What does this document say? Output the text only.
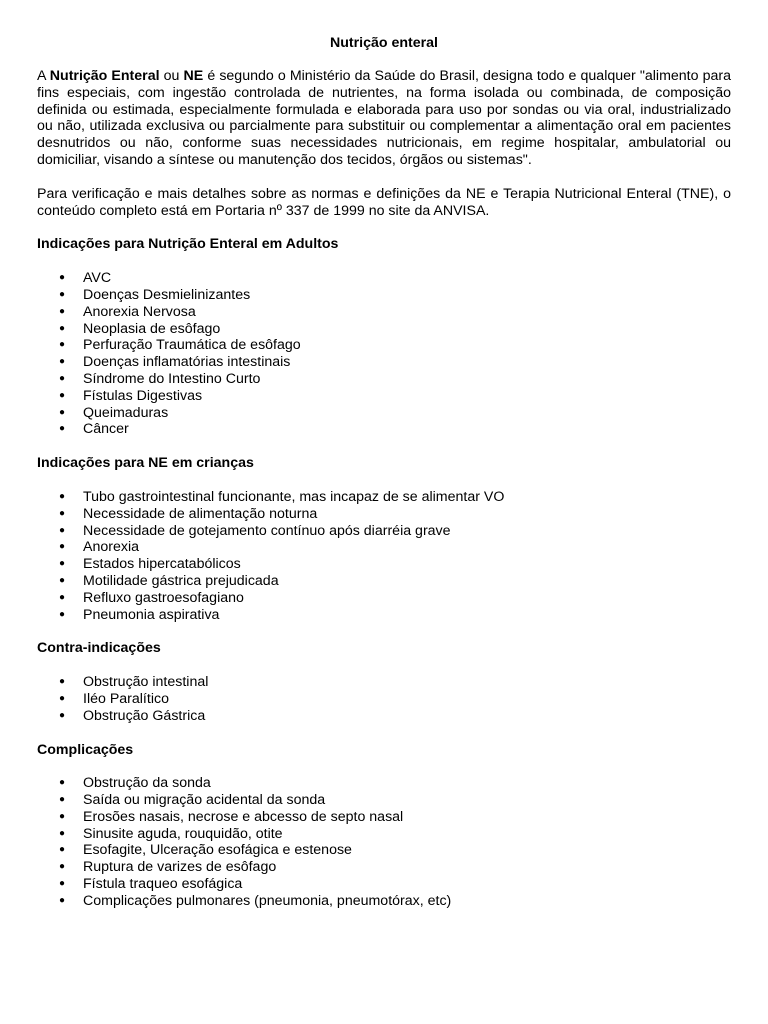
Nutrição enteral

A Nutrição Enteral ou NE é segundo o Ministério da Saúde do Brasil, designa todo e qualquer "alimento para fins especiais, com ingestão controlada de nutrientes, na forma isolada ou combinada, de composição definida ou estimada, especialmente formulada e elaborada para uso por sondas ou via oral, industrializado ou não, utilizada exclusiva ou parcialmente para substituir ou complementar a alimentação oral em pacientes desnutridos ou não, conforme suas necessidades nutricionais, em regime hospitalar, ambulatorial ou domiciliar, visando a síntese ou manutenção dos tecidos, órgãos ou sistemas".

Para verificação e mais detalhes sobre as normas e definições da NE e Terapia Nutricional Enteral (TNE), o conteúdo completo está em Portaria nº 337 de 1999 no site da ANVISA.

Indicações para Nutrição Enteral em Adultos
● AVC
● Doenças Desmielinizantes
● Anorexia Nervosa
● Neoplasia de esôfago
● Perfuração Traumática de esôfago
● Doenças inflamatórias intestinais
● Síndrome do Intestino Curto
● Fístulas Digestivas
● Queimaduras
● Câncer
Indicações para NE em crianças
● Tubo gastrointestinal funcionante, mas incapaz de se alimentar VO
● Necessidade de alimentação noturna
● Necessidade de gotejamento contínuo após diarréia grave
● Anorexia
● Estados hipercatabólicos
● Motilidade gástrica prejudicada
● Refluxo gastroesofagiano
● Pneumonia aspirativa
Contra-indicações
● Obstrução intestinal
● Iléo Paralítico
● Obstrução Gástrica
Complicações
● Obstrução da sonda
● Saída ou migração acidental da sonda
● Erosões nasais, necrose e abcesso de septo nasal
● Sinusite aguda, rouquidão, otite
● Esofagite, Ulceração esofágica e estenose
● Ruptura de varizes de esôfago
● Fístula traqueo esofágica
● Complicações pulmonares (pneumonia, pneumotórax, etc)
